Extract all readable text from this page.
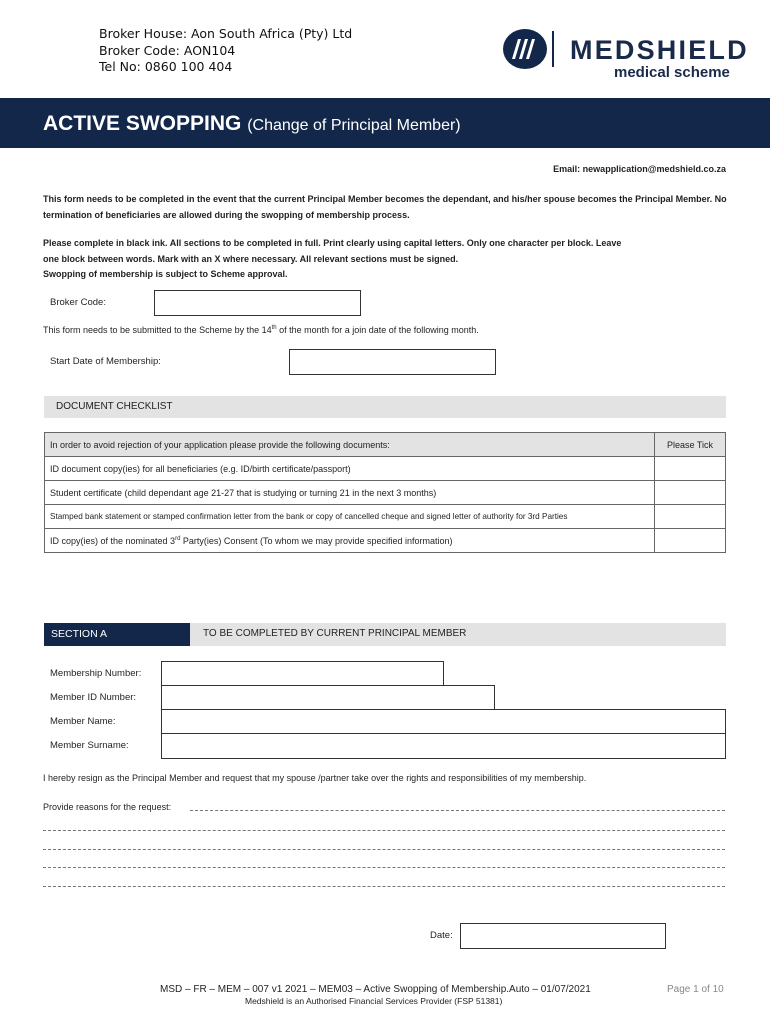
Broker House: Aon South Africa (Pty) Ltd
Broker Code: AON104
Tel No: 0860 100 404
MEDSHIELD
medical scheme
ACTIVE SWOPPING (Change of Principal Member)
Email: newapplication@medshield.co.za
This form needs to be completed in the event that the current Principal Member becomes the dependant, and his/her spouse becomes the Principal Member. No termination of beneficiaries are allowed during the swopping of membership process.
Please complete in black ink. All sections to be completed in full. Print clearly using capital letters. Only one character per block. Leave
one block between words. Mark with an X where necessary. All relevant sections must be signed.
Swopping of membership is subject to Scheme approval.
Broker Code:
This form needs to be submitted to the Scheme by the 14th of the month for a join date of the following month.
Start Date of Membership:
DOCUMENT CHECKLIST
In order to avoid rejection of your application please provide the following documents:	Please Tick
ID document copy(ies) for all beneficiaries (e.g. ID/birth certificate/passport)	
Student certificate (child dependant age 21-27 that is studying or turning 21 in the next 3 months)	
Stamped bank statement or stamped confirmation letter from the bank or copy of cancelled cheque and signed letter of authority for 3rd Parties	
ID copy(ies) of the nominated 3rd Party(ies) Consent (To whom we may provide specified information)	
SECTION A	TO BE COMPLETED BY CURRENT PRINCIPAL MEMBER
Membership Number:
Member ID Number:
Member Name:
Member Surname:
I hereby resign as the Principal Member and request that my spouse /partner take over the rights and responsibilities of my membership.
Provide reasons for the request:
Date:
MSD – FR – MEM – 007 v1 2021 – MEM03 – Active Swopping of Membership.Auto – 01/07/2021	Page 1 of 10
Medshield is an Authorised Financial Services Provider (FSP 51381)
